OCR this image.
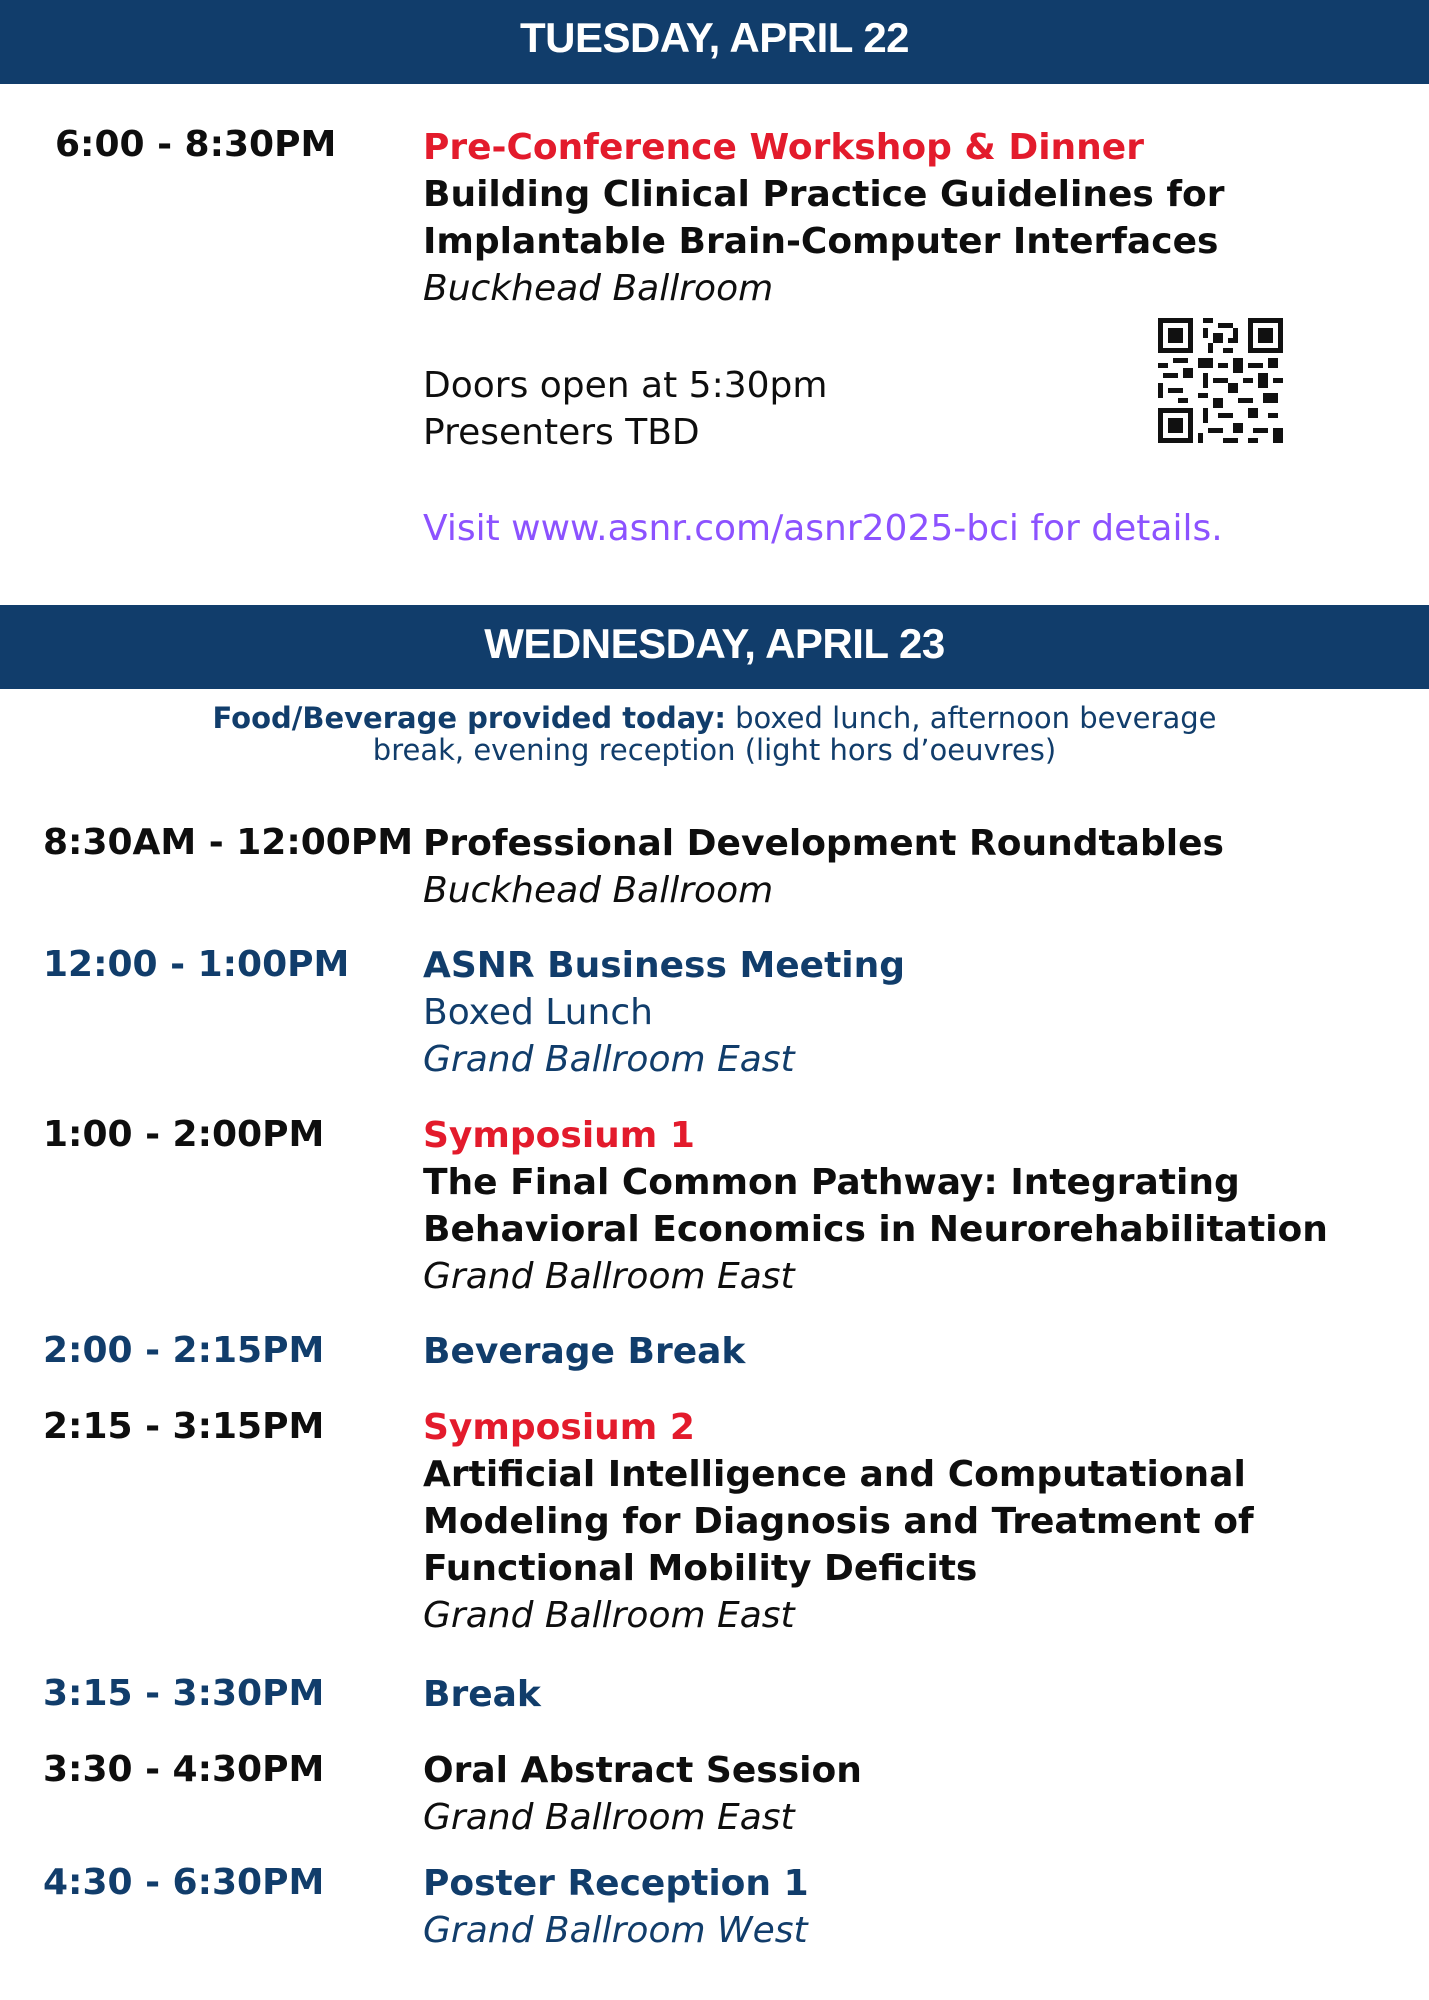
TUESDAY, APRIL 22
6:00 - 8:30PM Pre-Conference Workshop & Dinner
Building Clinical Practice Guidelines for
Implantable Brain-Computer Interfaces
Buckhead Ballroom
Doors open at 5:30pm
Presenters TBD
Visit www.asnr.com/asnr2025-bci for details.
WEDNESDAY, APRIL 23
Food/Beverage provided today: boxed lunch, afternoon beverage
break, evening reception (light hors d’oeuvres)
8:30AM - 12:00PM Professional Development Roundtables
Buckhead Ballroom
12:00 - 1:00PM ASNR Business Meeting
Boxed Lunch
Grand Ballroom East
1:00 - 2:00PM	Symposium 1
The Final Common Pathway: Integrating
Behavioral Economics in Neurorehabilitation
Grand Ballroom East
2:00 - 2:15PM	Beverage Break
2:15 - 3:15PM	Symposium 2
Artificial Intelligence and Computational
Modeling for Diagnosis and Treatment of
Functional Mobility Deficits
Grand Ballroom East
3:15 - 3:30PM	Break
3:30 - 4:30PM	Oral Abstract Session
Grand Ballroom East
4:30 - 6:30PM	Poster Reception 1
Grand Ballroom West
